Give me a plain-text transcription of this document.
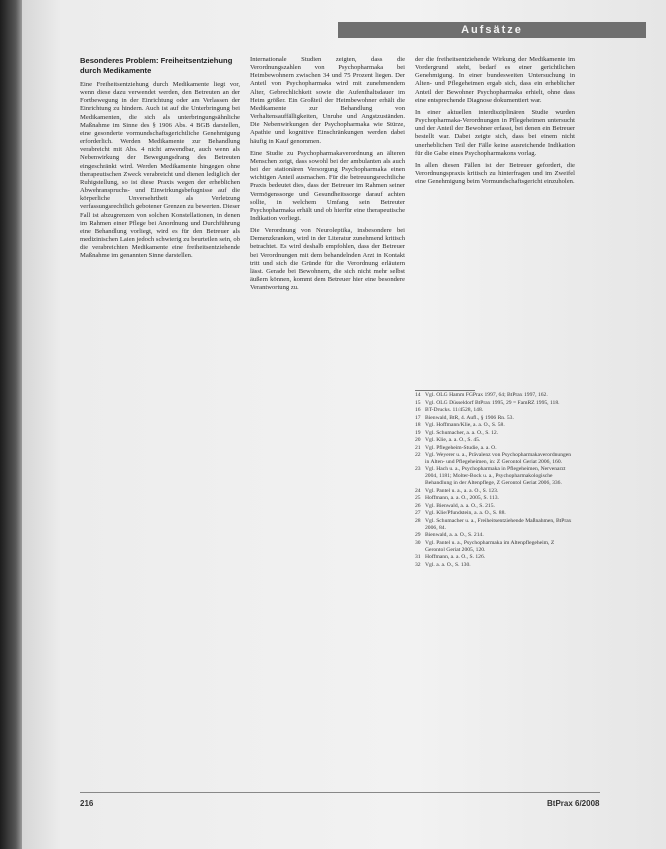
Aufsätze

Besonderes Problem: Freiheitsentziehung durch Medikamente

Eine Freiheitsentziehung durch Medikamente liegt vor, wenn diese dazu verwendet werden, den Betreuten an der Fortbewegung in der Einrichtung oder am Verlassen der Einrichtung zu hindern. Auch ist auf die Unterbringung bei Medikamenten, die sich als unterbringungsähnliche Maßnahme im Sinne des § 1906 Abs. 4 BGB darstellen, eine gesonderte vormundschaftsgerichtliche Genehmigung erforderlich. Werden Medikamente zur Behandlung verabreicht mit Abs. 4 nicht anwendbar, auch wenn als Nebenwirkung der Bewegungsdrang des Betreuten eingeschränkt wird. Werden Medikamente hingegen ohne therapeutischen Zweck verabreicht und dienen lediglich der Ruhigstellung, so ist diese Praxis wegen der erheblichen Abwehranspruchs- und Einwirkungsbefugnisse auf die körperliche Unversehrtheit als Verletzung verfassungsrechtlich gebotener Grenzen zu bewerten. Dieser Fall ist abzugrenzen von solchen Konstellationen, in denen im Rahmen einer Pflege bei Anordnung und Durchführung eine Behandlung vorliegt, wird es für den Betreuer als medizinischen Laien jedoch schwierig zu beurteilen sein, ob die verabreichten Medikamente eine freiheitsentziehende Maßnahme im genannten Sinne darstellen.

Internationale Studien zeigten, dass die Verordnungszahlen von Psychopharmaka bei Heimbewohnern zwischen 34 und 75 Prozent liegen. Der Anteil von Psychopharmaka wird mit zunehmendem Alter, Gebrechlichkeit sowie die Aufenthaltsdauer im Heim größer. Ein Großteil der Heimbewohner erhält die Medikamente zur Behandlung von Verhaltensauffälligkeiten, Unruhe und Angstzuständen. Die Nebenwirkungen der Psychopharmaka wie Stürze, Apathie und kognitive Einschränkungen werden dabei häufig in Kauf genommen.

Eine Studie zu Psychopharmakaverordnung an älteren Menschen zeigt, dass sowohl bei der ambulanten als auch bei der stationären Versorgung Psychopharmaka einen wichtigen Anteil ausmachen. Für die betreuungsrechtliche Praxis bedeutet dies, dass der Betreuer im Rahmen seiner Vermögenssorge und Gesundheitssorge darauf achten sollte, in welchem Umfang sein Betreuter Psychopharmaka erhält und ob hierfür eine therapeutische Indikation vorliegt.

Die Verordnung von Neuroleptika, insbesondere bei Demenzkranken, wird in der Literatur zunehmend kritisch betrachtet. Es wird deshalb empfohlen, dass der Betreuer bei Verordnungen mit dem behandelnden Arzt in Kontakt tritt und sich die Gründe für die Verordnung erläutern lässt. Gerade bei Bewohnern, die sich nicht mehr selbst äußern können, kommt dem Betreuer hier eine besondere Verantwortung zu.

der die freiheitsentziehende Wirkung der Medikamente im Vordergrund steht, bedarf es einer gerichtlichen Genehmigung. In einer bundesweiten Untersuchung in Alten- und Pflegeheimen ergab sich, dass ein erheblicher Anteil der Bewohner Psychopharmaka erhielt, ohne dass eine entsprechende Diagnose dokumentiert war.

In einer aktuellen interdisziplinären Studie wurden Psychopharmaka-Verordnungen in Pflegeheimen untersucht und der Anteil der Bewohner erfasst, bei denen ein Betreuer bestellt war. Dabei zeigte sich, dass bei einem nicht unerheblichen Teil der Fälle keine ausreichende Indikation für die Gabe eines Psychopharmakons vorlag.

In allen diesen Fällen ist der Betreuer gefordert, die Verordnungspraxis kritisch zu hinterfragen und im Zweifel eine Genehmigung beim Vormundschaftsgericht einzuholen.

14 Vgl. OLG Hamm FGPrax 1997, 64; BtPrax 1997, 162.
15 Vgl. OLG Düsseldorf BtPrax 1995, 29 = FamRZ 1995, 118.
16 BT-Drucks. 11/4528, 148.
17 Bienwald, BtR, 4. Aufl., § 1906 Rn. 53.
18 Vgl. Hoffmann/Klie, a. a. O., S. 58.
19 Vgl. Schumacher, a. a. O., S. 12.
20 Vgl. Klie, a. a. O., S. 45.
21 Vgl. Pflegeheim-Studie, a. a. O.
22 Vgl. Weyerer u. a., Prävalenz von Psychopharmakaverordnungen in Alten- und Pflegeheimen, in: Z Gerontol Geriat 2006, 160.
23 Vgl. Hach u. a., Psychopharmaka in Pflegeheimen, Nervenarzt 2004, 1181; Molter-Bock u. a., Psychopharmakologische Behandlung in der Altenpflege, Z Gerontol Geriat 2006, 336.
24 Vgl. Pantel u. a., a. a. O., S. 123.
25 Hoffmann, a. a. O., 2005, S. 113.
26 Vgl. Bienwald, a. a. O., S. 215.
27 Vgl. Klie/Pfundstein, a. a. O., S. 88.
28 Vgl. Schumacher u. a., Freiheitsentziehende Maßnahmen, BtPrax 2006, 84.
29 Bienwald, a. a. O., S. 214.
30 Vgl. Pantel u. a., Psychopharmaka im Altenpflegeheim, Z Gerontol Geriat 2005, 120.
31 Hoffmann, a. a. O., S. 126.
32 Vgl. a. a. O., S. 130.
216	BtPrax 6/2008
